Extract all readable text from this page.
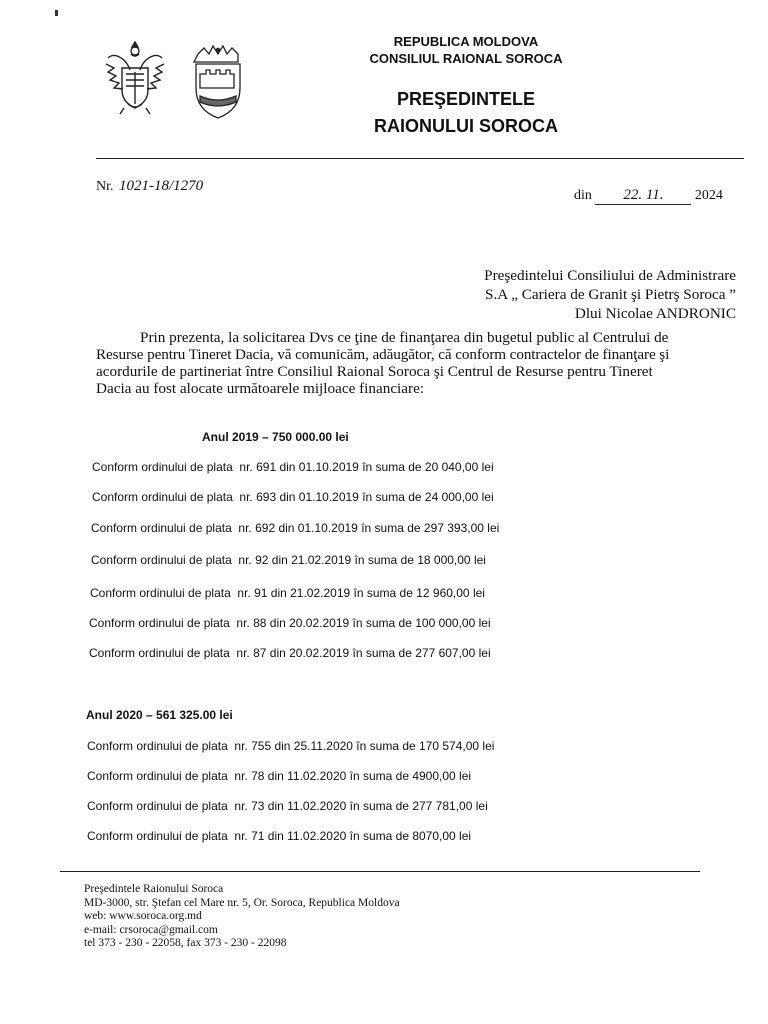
REPUBLICA MOLDOVA
CONSILIUL RAIONAL SOROCA
PREŞEDINTELE
RAIONULUI SOROCA
Nr. 1021-18/1270
din 22. 11. 2024
Preşedintelui Consiliului de Administrare
S.A „ Cariera de Granit şi Pietrş Soroca ”
Dlui Nicolae ANDRONIC
Prin prezenta, la solicitarea Dvs ce ţine de finanţarea din bugetul public al Centrului de
Resurse pentru Tineret Dacia, vă comunicăm, adăugător, că conform contractelor de finanţare şi
acordurile de partineriat între Consiliul Raional Soroca şi Centrul de Resurse pentru Tineret
Dacia au fost alocate următoarele mijloace financiare:
Anul 2019 – 750 000.00 lei
Conform ordinului de plata nr. 691 din 01.10.2019 în suma de 20 040,00 lei
Conform ordinului de plata nr. 693 din 01.10.2019 în suma de 24 000,00 lei
Conform ordinului de plata nr. 692 din 01.10.2019 în suma de 297 393,00 lei
Conform ordinului de plata nr. 92 din 21.02.2019 în suma de 18 000,00 lei
Conform ordinului de plata nr. 91 din 21.02.2019 în suma de 12 960,00 lei
Conform ordinului de plata nr. 88 din 20.02.2019 în suma de 100 000,00 lei
Conform ordinului de plata nr. 87 din 20.02.2019 în suma de 277 607,00 lei
Anul 2020 – 561 325.00 lei
Conform ordinului de plata nr. 755 din 25.11.2020 în suma de 170 574,00 lei
Conform ordinului de plata nr. 78 din 11.02.2020 în suma de 4900,00 lei
Conform ordinului de plata nr. 73 din 11.02.2020 în suma de 277 781,00 lei
Conform ordinului de plata nr. 71 din 11.02.2020 în suma de 8070,00 lei
Preşedintele Raionului Soroca
MD-3000, str. Ştefan cel Mare nr. 5, Or. Soroca, Republica Moldova
web: www.soroca.org.md
e-mail: crsoroca@gmail.com
tel 373 - 230 - 22058, fax 373 - 230 - 22098
